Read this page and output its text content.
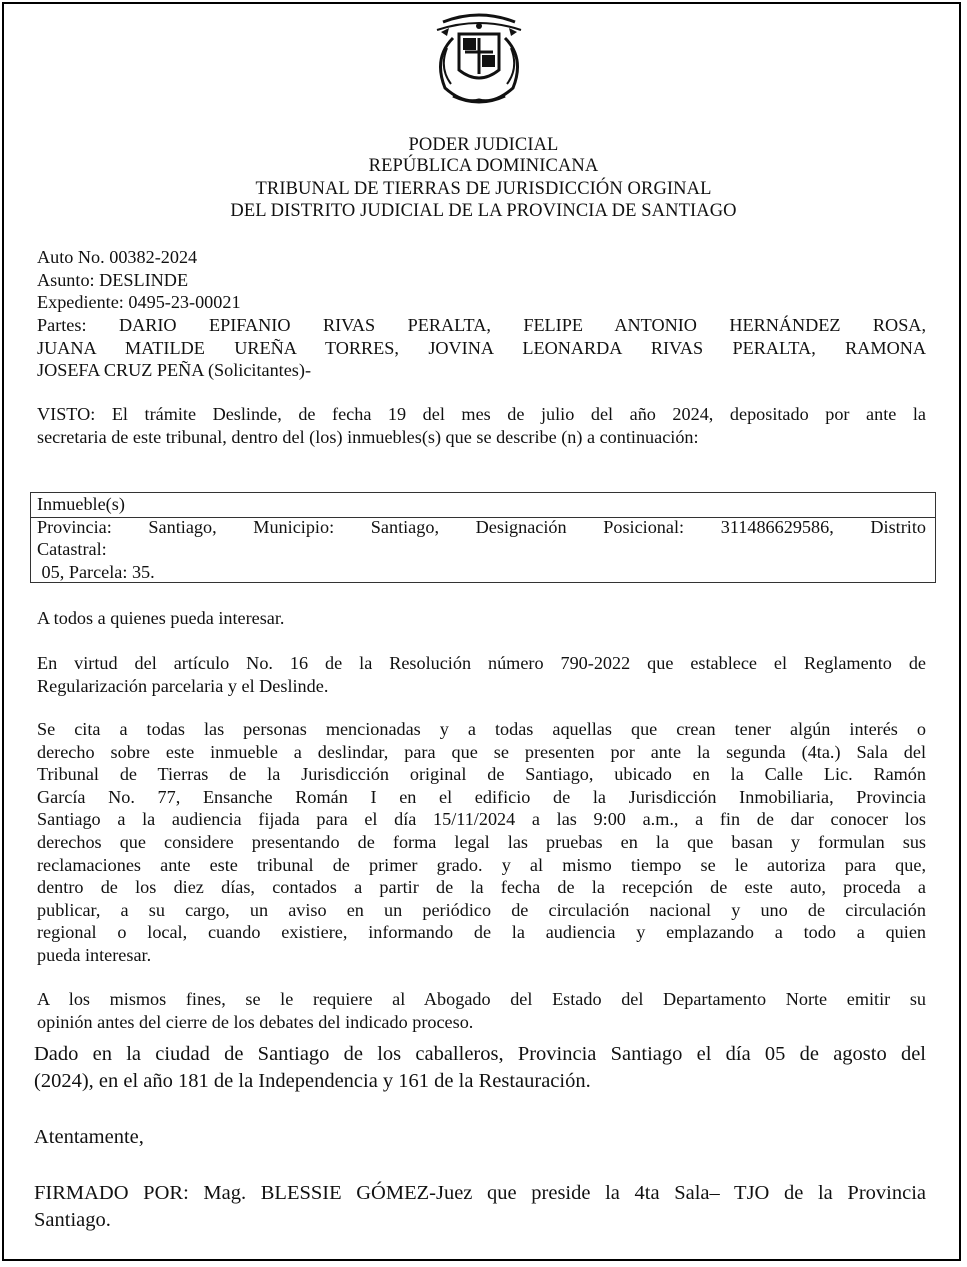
PODER JUDICIAL
REPÚBLICA DOMINICANA
TRIBUNAL DE TIERRAS DE JURISDICCIÓN ORGINAL
DEL DISTRITO JUDICIAL DE LA PROVINCIA DE SANTIAGO
Auto No. 00382-2024
Asunto: DESLINDE
Expediente: 0495-23-00021
Partes: DARIO EPIFANIO RIVAS PERALTA, FELIPE ANTONIO HERNÁNDEZ ROSA,
JUANA MATILDE UREÑA TORRES, JOVINA LEONARDA RIVAS PERALTA, RAMONA
JOSEFA CRUZ PEÑA (Solicitantes)-
VISTO: El trámite Deslinde, de fecha 19 del mes de julio del año 2024, depositado por ante la
secretaria de este tribunal, dentro del (los) inmuebles(s) que se describe (n) a continuación:
Inmueble(s)
Provincia: Santiago, Municipio: Santiago, Designación Posicional: 311486629586, Distrito
Catastral:
05, Parcela: 35.
A todos a quienes pueda interesar.
En virtud del artículo No. 16 de la Resolución número 790-2022 que establece el Reglamento de
Regularización parcelaria y el Deslinde.
Se cita a todas las personas mencionadas y a todas aquellas que crean tener algún interés o
derecho sobre este inmueble a deslindar, para que se presenten por ante la segunda (4ta.) Sala del
Tribunal de Tierras de la Jurisdicción original de Santiago, ubicado en la Calle Lic. Ramón
García No. 77, Ensanche Román I en el edificio de la Jurisdicción Inmobiliaria, Provincia
Santiago a la audiencia fijada para el día 15/11/2024 a las 9:00 a.m., a fin de dar conocer los
derechos que considere presentando de forma legal las pruebas en la que basan y formulan sus
reclamaciones ante este tribunal de primer grado. y al mismo tiempo se le autoriza para que,
dentro de los diez días, contados a partir de la fecha de la recepción de este auto, proceda a
publicar, a su cargo, un aviso en un periódico de circulación nacional y uno de circulación
regional o local, cuando existiere, informando de la audiencia y emplazando a todo a quien
pueda interesar.
A los mismos fines, se le requiere al Abogado del Estado del Departamento Norte emitir su
opinión antes del cierre de los debates del indicado proceso.
Dado en la ciudad de Santiago de los caballeros, Provincia Santiago el día 05 de agosto del
(2024), en el año 181 de la Independencia y 161 de la Restauración.
Atentamente,
FIRMADO POR: Mag. BLESSIE GÓMEZ-Juez que preside la 4ta Sala– TJO de la Provincia
Santiago.
